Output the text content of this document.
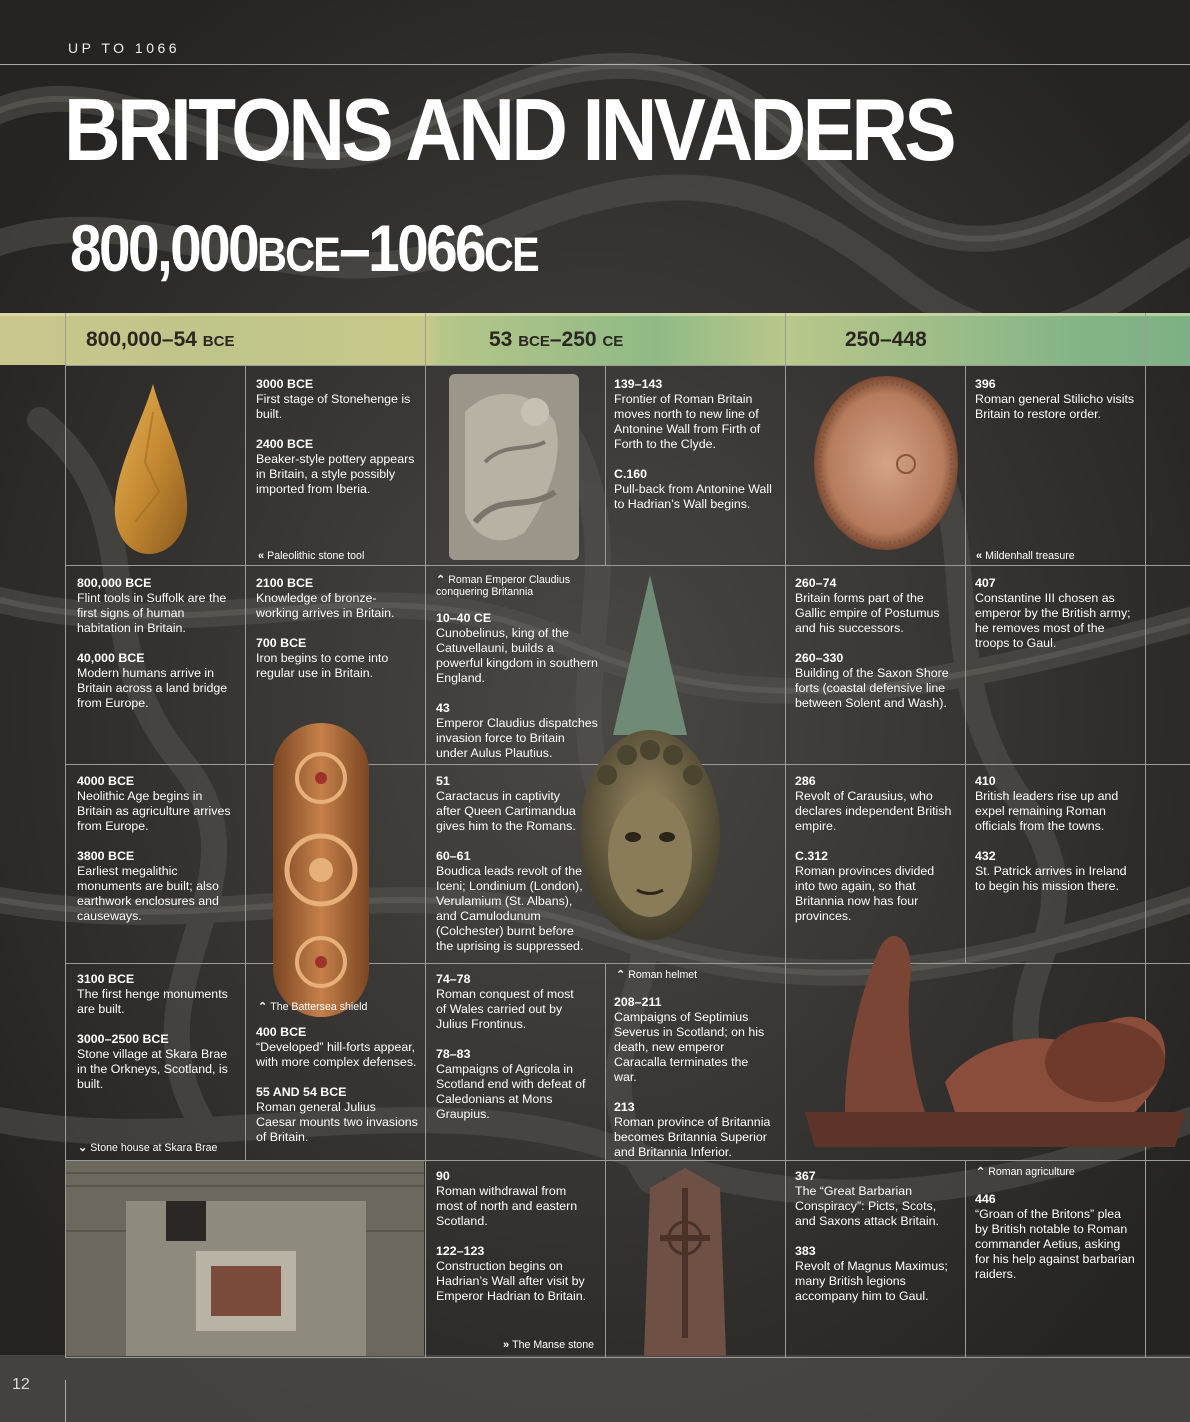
UP TO 1066
BRITONS AND INVADERS
800,000BCE–1066CE
800,000–54 BCE	53 BCE–250 CE	250–448
« Paleolithic stone tool	« Mildenhall treasure
⌃ Roman Emperor Claudius conquering Britannia
⌃ The Battersea shield
⌃ Roman helmet
⌄ Stone house at Skara Brae
⌃ Roman agriculture
» The Manse stone
800,000 BCE
Flint tools in Suffolk are the first signs of human habitation in Britain.
40,000 BCE
Modern humans arrive in Britain across a land bridge from Europe.
4000 BCE
Neolithic Age begins in Britain as agriculture arrives from Europe.
3800 BCE
Earliest megalithic monuments are built; also earthwork enclosures and causeways.
3100 BCE
The first henge monuments are built.
3000–2500 BCE
Stone village at Skara Brae in the Orkneys, Scotland, is built.
3000 BCE
First stage of Stonehenge is built.
2400 BCE
Beaker-style pottery appears in Britain, a style possibly imported from Iberia.
2100 BCE
Knowledge of bronze-working arrives in Britain.
700 BCE
Iron begins to come into regular use in Britain.
400 BCE
“Developed” hill-forts appear, with more complex defenses.
55 AND 54 BCE
Roman general Julius Caesar mounts two invasions of Britain.
10–40 CE
Cunobelinus, king of the Catuvellauni, builds a powerful kingdom in southern England.
43
Emperor Claudius dispatches invasion force to Britain under Aulus Plautius.
51
Caractacus in captivity after Queen Cartimandua gives him to the Romans.
60–61
Boudica leads revolt of the Iceni; Londinium (London), Verulamium (St. Albans), and Camulodunum (Colchester) burnt before the uprising is suppressed.
74–78
Roman conquest of most of Wales carried out by Julius Frontinus.
78–83
Campaigns of Agricola in Scotland end with defeat of Caledonians at Mons Graupius.
90
Roman withdrawal from most of north and eastern Scotland.
122–123
Construction begins on Hadrian’s Wall after visit by Emperor Hadrian to Britain.
139–143
Frontier of Roman Britain moves north to new line of Antonine Wall from Firth of Forth to the Clyde.
C.160
Pull-back from Antonine Wall to Hadrian’s Wall begins.
208–211
Campaigns of Septimius Severus in Scotland; on his death, new emperor Caracalla terminates the war.
213
Roman province of Britannia becomes Britannia Superior and Britannia Inferior.
260–74
Britain forms part of the Gallic empire of Postumus and his successors.
260–330
Building of the Saxon Shore forts (coastal defensive line between Solent and Wash).
286
Revolt of Carausius, who declares independent British empire.
C.312
Roman provinces divided into two again, so that Britannia now has four provinces.
367
The “Great Barbarian Conspiracy”: Picts, Scots, and Saxons attack Britain.
383
Revolt of Magnus Maximus; many British legions accompany him to Gaul.
396
Roman general Stilicho visits Britain to restore order.
407
Constantine III chosen as emperor by the British army; he removes most of the troops to Gaul.
410
British leaders rise up and expel remaining Roman officials from the towns.
432
St. Patrick arrives in Ireland to begin his mission there.
446
“Groan of the Britons” plea by British notable to Roman commander Aetius, asking for his help against barbarian raiders.
12
